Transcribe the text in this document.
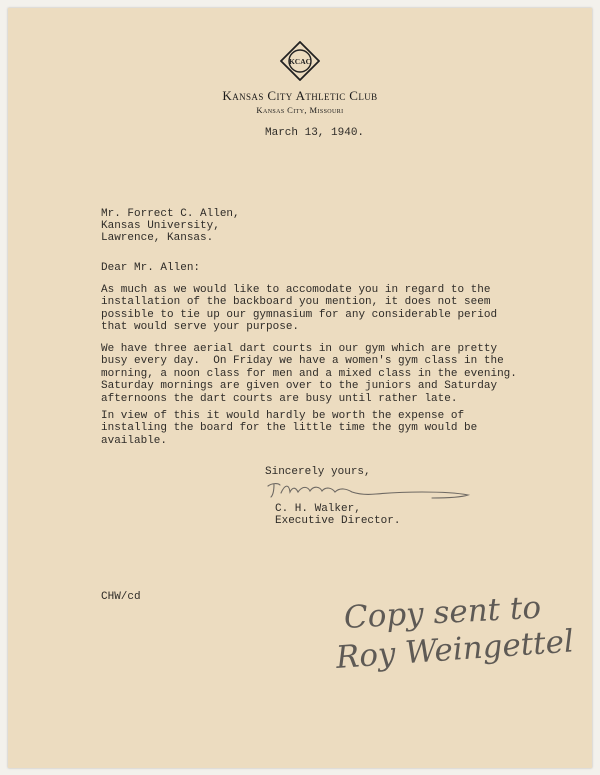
KCAC
Kansas City Athletic Club
Kansas City, Missouri
March 13, 1940.
Mr. Forrect C. Allen,
Kansas University,
Lawrence, Kansas.
Dear Mr. Allen:
As much as we would like to accomodate you in regard to the
installation of the backboard you mention, it does not seem
possible to tie up our gymnasium for any considerable period
that would serve your purpose.
We have three aerial dart courts in our gym which are pretty
busy every day.  On Friday we have a women's gym class in the
morning, a noon class for men and a mixed class in the evening.
Saturday mornings are given over to the juniors and Saturday
afternoons the dart courts are busy until rather late.
In view of this it would hardly be worth the expense of
installing the board for the little time the gym would be
available.
Sincerely yours,
C. H. Walker,
Executive Director.
CHW/cd	Copy sent to
Roy Weingettel
